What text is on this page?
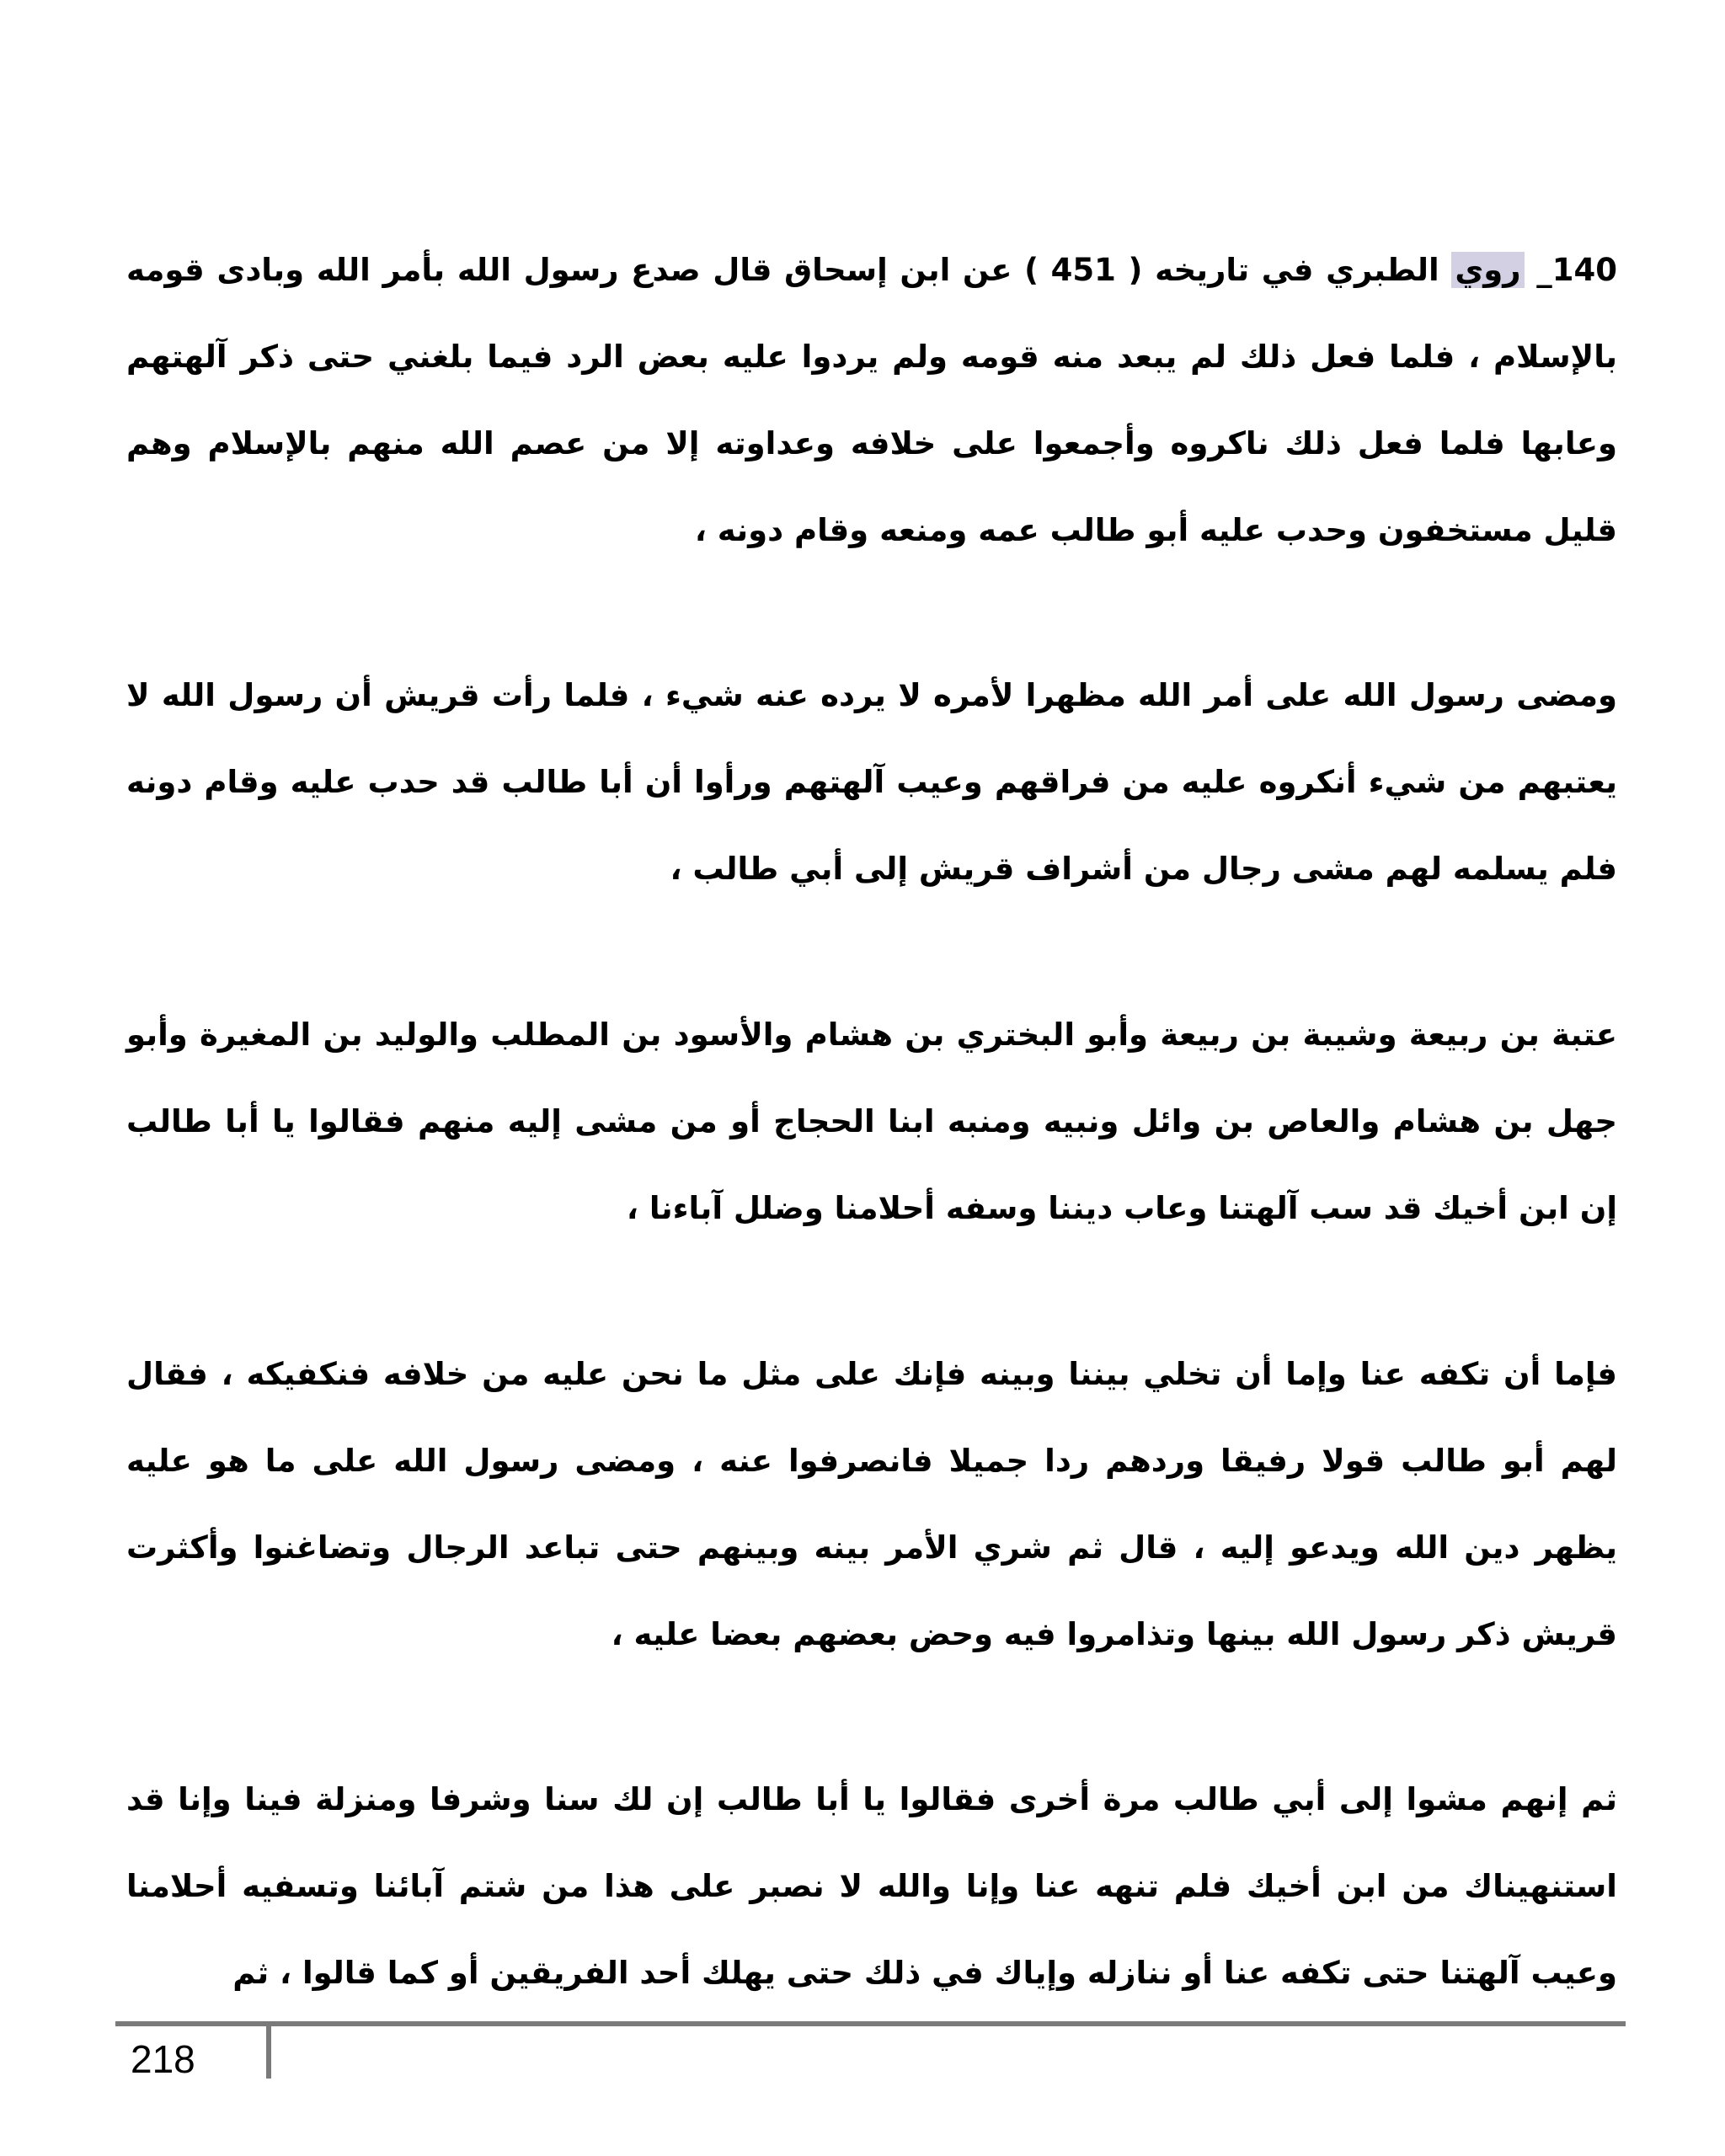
140_ روي الطبري في تاريخه ( 451 ) عن ابن إسحاق قال صدع رسول الله بأمر الله وبادى قومه بالإسلام ، فلما فعل ذلك لم يبعد منه قومه ولم يردوا عليه بعض الرد فيما بلغني حتى ذكر آلهتهم وعابها فلما فعل ذلك ناكروه وأجمعوا على خلافه وعداوته إلا من عصم الله منهم بالإسلام وهم قليل مستخفون وحدب عليه أبو طالب عمه ومنعه وقام دونه ،

ومضى رسول الله على أمر الله مظهرا لأمره لا يرده عنه شيء ، فلما رأت قريش أن رسول الله لا يعتبهم من شيء أنكروه عليه من فراقهم وعيب آلهتهم ورأوا أن أبا طالب قد حدب عليه وقام دونه فلم يسلمه لهم مشى رجال من أشراف قريش إلى أبي طالب ،

عتبة بن ربيعة وشيبة بن ربيعة وأبو البختري بن هشام والأسود بن المطلب والوليد بن المغيرة وأبو جهل بن هشام والعاص بن وائل ونبيه ومنبه ابنا الحجاج أو من مشى إليه منهم فقالوا يا أبا طالب إن ابن أخيك قد سب آلهتنا وعاب ديننا وسفه أحلامنا وضلل آباءنا ،

فإما أن تكفه عنا وإما أن تخلي بيننا وبينه فإنك على مثل ما نحن عليه من خلافه فنكفيكه ، فقال لهم أبو طالب قولا رفيقا وردهم ردا جميلا فانصرفوا عنه ، ومضى رسول الله على ما هو عليه يظهر دين الله ويدعو إليه ، قال ثم شري الأمر بينه وبينهم حتى تباعد الرجال وتضاغنوا وأكثرت قريش ذكر رسول الله بينها وتذامروا فيه وحض بعضهم بعضا عليه ،

ثم إنهم مشوا إلى أبي طالب مرة أخرى فقالوا يا أبا طالب إن لك سنا وشرفا ومنزلة فينا وإنا قد استنهيناك من ابن أخيك فلم تنهه عنا وإنا والله لا نصبر على هذا من شتم آبائنا وتسفيه أحلامنا وعيب آلهتنا حتى تكفه عنا أو ننازله وإياك في ذلك حتى يهلك أحد الفريقين أو كما قالوا ، ثم

218
